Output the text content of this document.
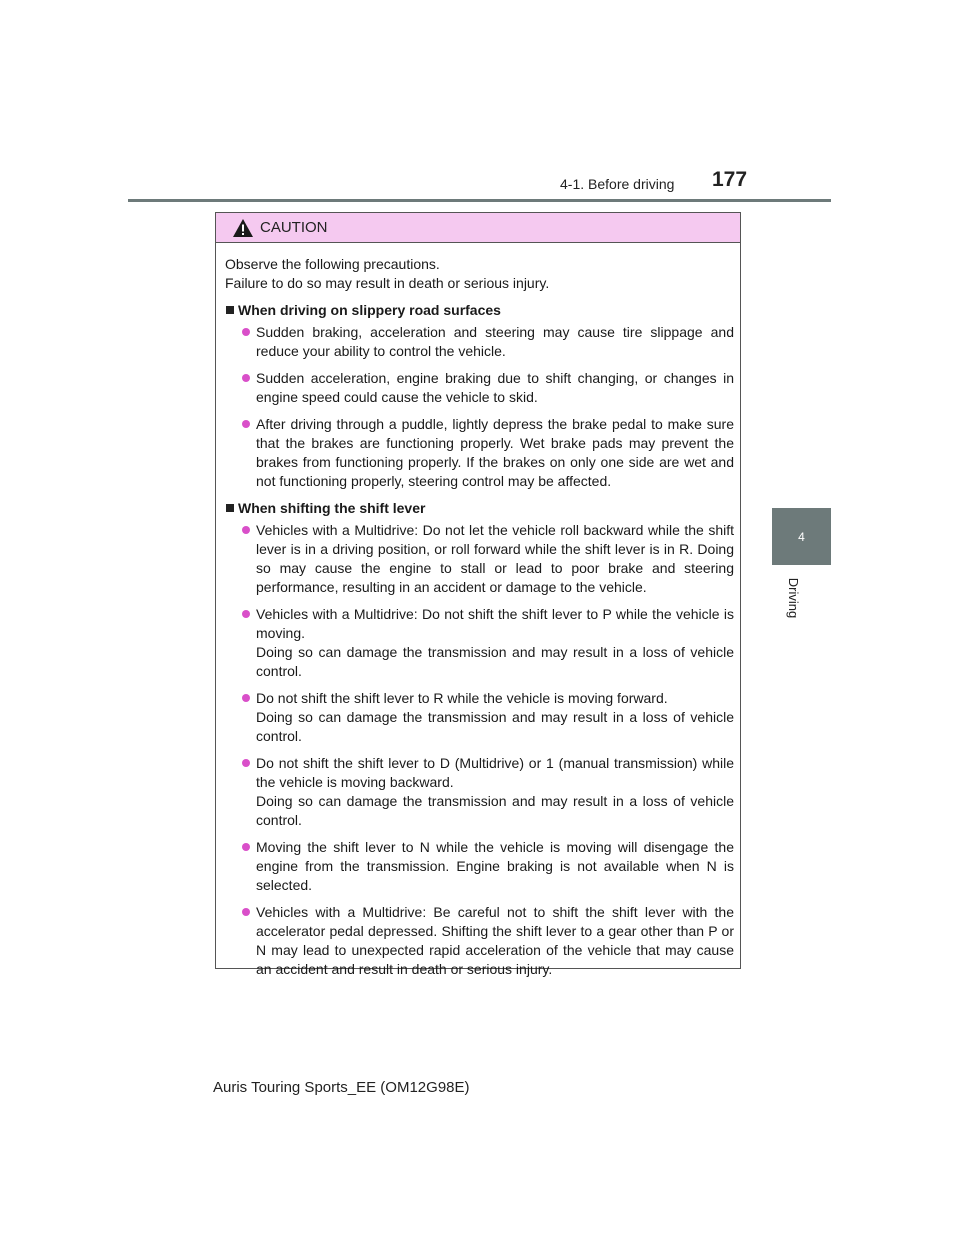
4-1. Before driving 177
4
Driving
CAUTION

Observe the following precautions.
Failure to do so may result in death or serious injury.

When driving on slippery road surfaces

Sudden braking, acceleration and steering may cause tire slippage and reduce your ability to control the vehicle.

Sudden acceleration, engine braking due to shift changing, or changes in engine speed could cause the vehicle to skid.

After driving through a puddle, lightly depress the brake pedal to make sure that the brakes are functioning properly. Wet brake pads may prevent the brakes from functioning properly. If the brakes on only one side are wet and not functioning properly, steering control may be affected.

When shifting the shift lever

Vehicles with a Multidrive: Do not let the vehicle roll backward while the shift lever is in a driving position, or roll forward while the shift lever is in R. Doing so may cause the engine to stall or lead to poor brake and steering performance, resulting in an accident or damage to the vehicle.

Vehicles with a Multidrive: Do not shift the shift lever to P while the vehicle is moving.

Doing so can damage the transmission and may result in a loss of vehicle control.

Do not shift the shift lever to R while the vehicle is moving forward.

Doing so can damage the transmission and may result in a loss of vehicle control.

Do not shift the shift lever to D (Multidrive) or 1 (manual transmission) while the vehicle is moving backward.

Doing so can damage the transmission and may result in a loss of vehicle control.

Moving the shift lever to N while the vehicle is moving will disengage the engine from the transmission. Engine braking is not available when N is selected.

Vehicles with a Multidrive: Be careful not to shift the shift lever with the accelerator pedal depressed. Shifting the shift lever to a gear other than P or N may lead to unexpected rapid acceleration of the vehicle that may cause an accident and result in death or serious injury.

Auris Touring Sports_EE (OM12G98E)
